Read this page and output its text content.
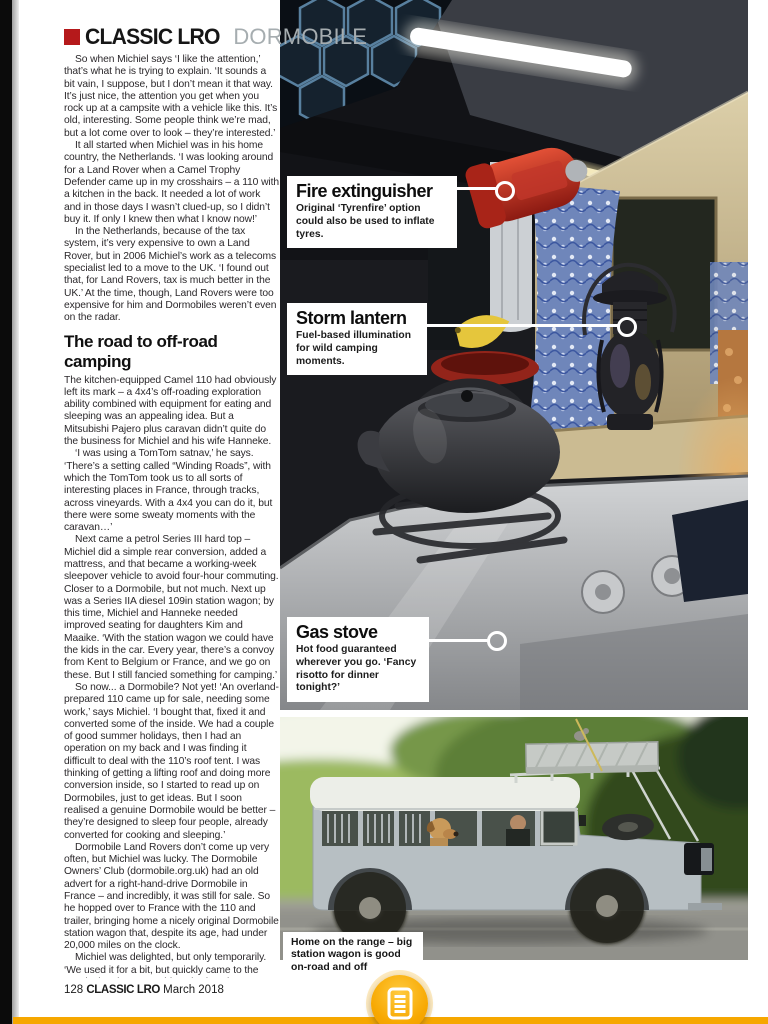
CLASSIC LRO DORMOBILE

So when Michiel says ‘I like the attention,’ that’s what he is trying to explain. ‘It sounds a bit vain, I suppose, but I don’t mean it that way. It’s just nice, the attention you get when you rock up at a campsite with a vehicle like this. It’s old, interesting. Some people think we’re mad, but a lot come over to look – they’re interested.’

It all started when Michiel was in his home country, the Netherlands. ‘I was looking around for a Land Rover when a Camel Trophy Defender came up in my crosshairs – a 110 with a kitchen in the back. It needed a lot of work and in those days I wasn’t clued-up, so I didn’t buy it. If only I knew then what I know now!’

In the Netherlands, because of the tax system, it’s very expensive to own a Land Rover, but in 2006 Michiel’s work as a telecoms specialist led to a move to the UK. ‘I found out that, for Land Rovers, tax is much better in the UK.’ At the time, though, Land Rovers were too expensive for him and Dormobiles weren’t even on the radar.

The road to off-road camping

The kitchen-equipped Camel 110 had obviously left its mark – a 4x4’s off-roading exploration ability combined with equipment for eating and sleeping was an appealing idea. But a Mitsubishi Pajero plus caravan didn’t quite do the business for Michiel and his wife Hanneke.

‘I was using a TomTom satnav,’ he says. ‘There’s a setting called “Winding Roads”, with which the TomTom took us to all sorts of interesting places in France, through tracks, across vineyards. With a 4x4 you can do it, but there were some sweaty moments with the caravan…’

Next came a petrol Series III hard top – Michiel did a simple rear conversion, added a mattress, and that became a working-week sleepover vehicle to avoid four-hour commuting. Closer to a Dormobile, but not much. Next up was a Series IIA diesel 109in station wagon; by this time, Michiel and Hanneke needed improved seating for daughters Kim and Maaike. ‘With the station wagon we could have the kids in the car. Every year, there’s a convoy from Kent to Belgium or France, and we go on these. But I still fancied something for camping.’

So now... a Dormobile? Not yet! ‘An overland-prepared 110 came up for sale, needing some work,’ says Michiel. ‘I bought that, fixed it and converted some of the inside. We had a couple of good summer holidays, then I had an operation on my back and I was finding it difficult to deal with the 110’s roof tent. I was thinking of getting a lifting roof and doing more conversion inside, so I started to read up on Dormobiles, just to get ideas. But I soon realised a genuine Dormobile would be better – they’re designed to sleep four people, already converted for cooking and sleeping.’

Dormobile Land Rovers don’t come up very often, but Michiel was lucky. The Dormobile Owners’ Club (dormobile.org.uk) had an old advert for a right-hand-drive Dormobile in France – and incredibly, it was still for sale. So he hopped over to France with the 110 and trailer, bringing home a nicely original Dormobile station wagon that, despite its age, had under 20,000 miles on the clock.

Michiel was delighted, but only temporarily. ‘We used it for a bit, but quickly came to the

Fire extinguisher

Original ‘Tyrenfire’ option could also be used to inflate tyres.

Storm lantern

Fuel-based illumination for wild camping moments.

Gas stove

Hot food guaranteed wherever you go. ‘Fancy risotto for dinner tonight?’

Home on the range – big station wagon is good on-road and off

128 CLASSIC LRO March 2018
